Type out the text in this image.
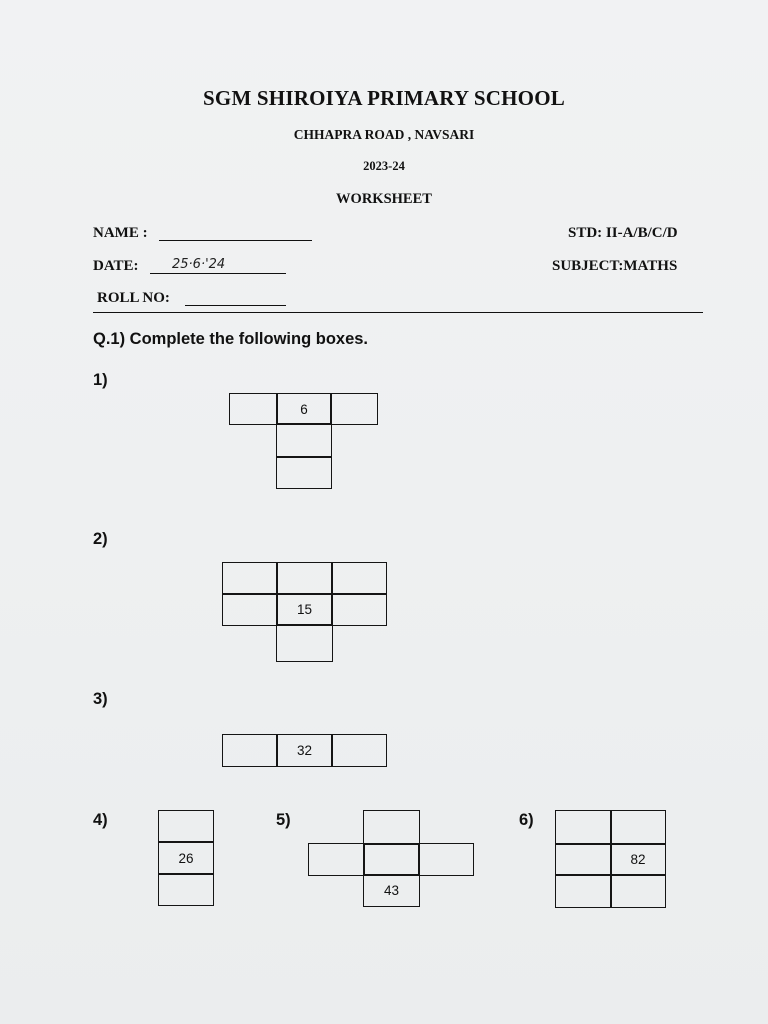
SGM SHIROIYA PRIMARY SCHOOL
CHHAPRA ROAD , NAVSARI
2023-24
WORKSHEET
NAME :	STD: II-A/B/C/D
DATE:	25·6·'24	SUBJECT:MATHS
ROLL NO:
Q.1) Complete the following boxes.
1)
6
2)
15
3)
32
4)
26
5)
43
6)
82
